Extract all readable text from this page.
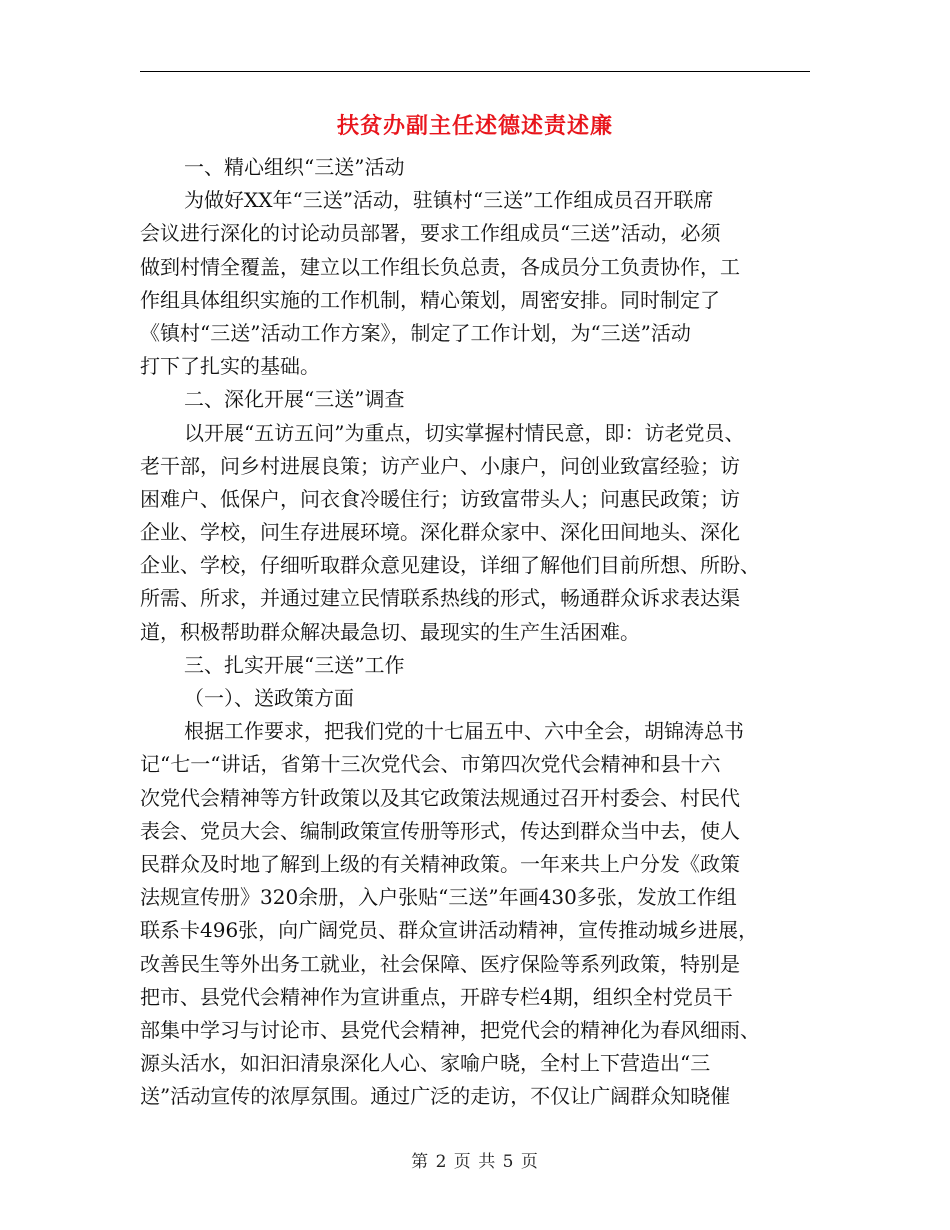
扶贫办副主任述德述责述廉
一、精心组织“三送”活动
为做好XX年“三送”活动，驻镇村“三送”工作组成员召开联席
会议进行深化的讨论动员部署，要求工作组成员“三送”活动，必须
做到村情全覆盖，建立以工作组长负总责，各成员分工负责协作，工
作组具体组织实施的工作机制，精心策划，周密安排。同时制定了
《镇村“三送”活动工作方案》，制定了工作计划，为“三送”活动
打下了扎实的基础。
二、深化开展“三送”调查
以开展“五访五问”为重点，切实掌握村情民意，即：访老党员、
老干部，问乡村进展良策；访产业户、小康户，问创业致富经验；访
困难户、低保户，问衣食冷暖住行；访致富带头人；问惠民政策；访
企业、学校，问生存进展环境。深化群众家中、深化田间地头、深化
企业、学校，仔细听取群众意见建设，详细了解他们目前所想、所盼、
所需、所求，并通过建立民情联系热线的形式，畅通群众诉求表达渠
道，积极帮助群众解决最急切、最现实的生产生活困难。
三、扎实开展“三送”工作
（一）、送政策方面
根据工作要求，把我们党的十七届五中、六中全会，胡锦涛总书
记“七一“讲话，省第十三次党代会、市第四次党代会精神和县十六
次党代会精神等方针政策以及其它政策法规通过召开村委会、村民代
表会、党员大会、编制政策宣传册等形式，传达到群众当中去，使人
民群众及时地了解到上级的有关精神政策。一年来共上户分发《政策
法规宣传册》320余册，入户张贴“三送”年画430多张，发放工作组
联系卡496张，向广阔党员、群众宣讲活动精神，宣传推动城乡进展，
改善民生等外出务工就业，社会保障、医疗保险等系列政策，特别是
把市、县党代会精神作为宣讲重点，开辟专栏4期，组织全村党员干
部集中学习与讨论市、县党代会精神，把党代会的精神化为春风细雨、
源头活水，如汩汩清泉深化人心、家喻户晓，全村上下营造出“三
送”活动宣传的浓厚氛围。通过广泛的走访，不仅让广阔群众知晓催
第 2 页 共 5 页
